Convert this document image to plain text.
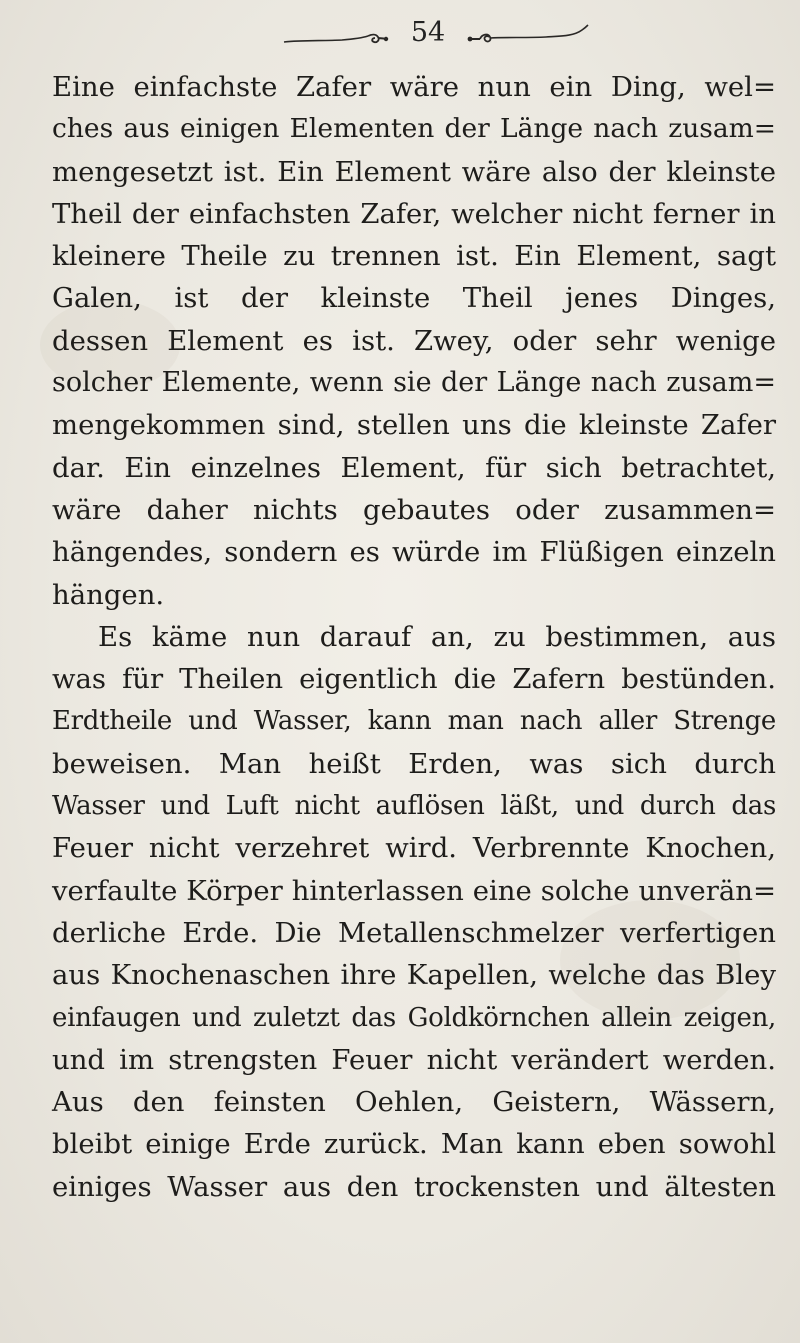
54
Eine einfachste Zafer wäre nun ein Ding, wel=
ches aus einigen Elementen der Länge nach zusam=
mengesetzt ist. Ein Element wäre also der kleinste
Theil der einfachsten Zafer, welcher nicht ferner in
kleinere Theile zu trennen ist. Ein Element, sagt
Galen, ist der kleinste Theil jenes Dinges,
dessen Element es ist. Zwey, oder sehr wenige
solcher Elemente, wenn sie der Länge nach zusam=
mengekommen sind, stellen uns die kleinste Zafer
dar. Ein einzelnes Element, für sich betrachtet,
wäre daher nichts gebautes oder zusammen=
hängendes, sondern es würde im Flüßigen einzeln
hängen.
Es käme nun darauf an, zu bestimmen, aus
was für Theilen eigentlich die Zafern bestünden.
Erdtheile und Wasser, kann man nach aller Strenge
beweisen. Man heißt Erden, was sich durch
Wasser und Luft nicht auflösen läßt, und durch das
Feuer nicht verzehret wird. Verbrennte Knochen,
verfaulte Körper hinterlassen eine solche unverän=
derliche Erde. Die Metallenschmelzer verfertigen
aus Knochenaschen ihre Kapellen, welche das Bley
einfaugen und zuletzt das Goldkörnchen allein zeigen,
und im strengsten Feuer nicht verändert werden.
Aus den feinsten Oehlen, Geistern, Wässern,
bleibt einige Erde zurück. Man kann eben sowohl
einiges Wasser aus den trockensten und ältesten
